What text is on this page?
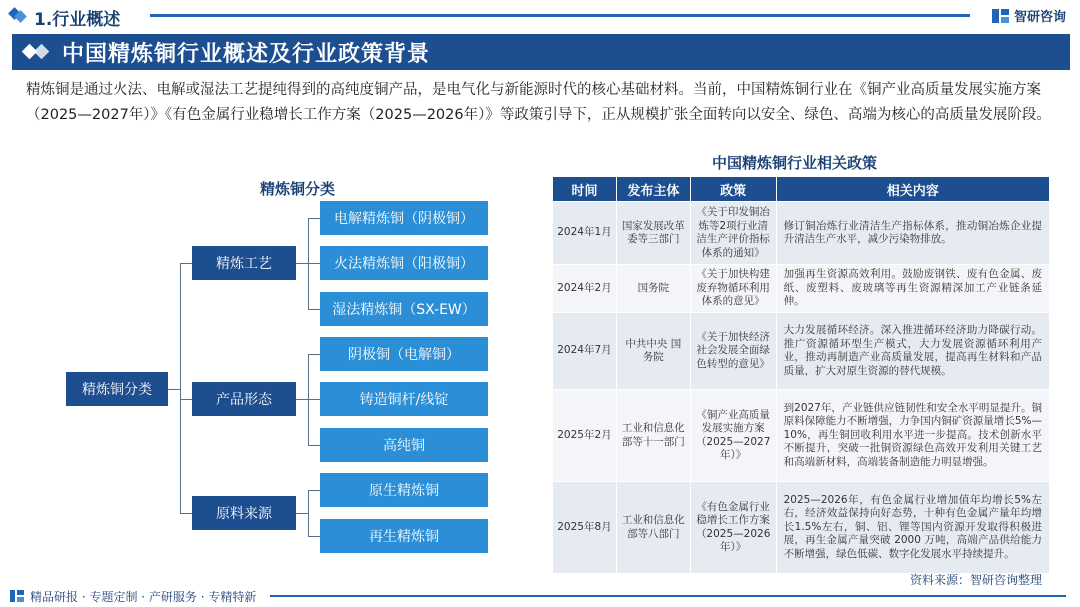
1.行业概述	智研咨询
中国精炼铜行业概述及行业政策背景

精炼铜是通过火法、电解或湿法工艺提纯得到的高纯度铜产品，是电气化与新能源时代的核心基础材料。当前，中国精炼铜行业在《铜产业高质量发展实施方案（2025—2027年）》《有色金属行业稳增长工作方案（2025—2026年）》等政策引导下，正从规模扩张全面转向以安全、绿色、高端为核心的高质量发展阶段。

精炼铜分类
精炼铜分类
精炼工艺
产品形态
原料来源
电解精炼铜（阴极铜）
火法精炼铜（阳极铜）
湿法精炼铜（SX-EW）
阴极铜（电解铜）
铸造铜杆/线锭
高纯铜
原生精炼铜
再生精炼铜
中国精炼铜行业相关政策
时间	发布主体	政策	相关内容
2024年1月	国家发展改革委等三部门	《关于印发铜冶炼等2项行业清洁生产评价指标体系的通知》	修订铜冶炼行业清洁生产指标体系，推动铜冶炼企业提升清洁生产水平，减少污染物排放。
2024年2月	国务院	《关于加快构建废弃物循环利用体系的意见》	加强再生资源高效利用。鼓励废钢铁、废有色金属、废纸、废塑料、废玻璃等再生资源精深加工产业链条延伸。
2024年7月	中共中央 国务院	《关于加快经济社会发展全面绿色转型的意见》	大力发展循环经济。深入推进循环经济助力降碳行动。推广资源循环型生产模式，大力发展资源循环利用产业，推动再制造产业高质量发展，提高再生材料和产品质量，扩大对原生资源的替代规模。
2025年2月	工业和信息化部等十一部门	《铜产业高质量发展实施方案（2025—2027年）》	到2027年，产业链供应链韧性和安全水平明显提升。铜原料保障能力不断增强，力争国内铜矿资源量增长5%—10%，再生铜回收利用水平进一步提高。技术创新水平不断提升，突破一批铜资源绿色高效开发利用关键工艺和高端新材料，高端装备制造能力明显增强。
2025年8月	工业和信息化部等八部门	《有色金属行业稳增长工作方案（2025—2026年）》	2025—2026年，有色金属行业增加值年均增长5%左右，经济效益保持向好态势，十种有色金属产量年均增长1.5%左右，铜、铝、锂等国内资源开发取得积极进展，再生金属产量突破 2000 万吨，高端产品供给能力不断增强，绿色低碳、数字化发展水平持续提升。
资料来源：智研咨询整理
精品研报 · 专题定制 · 产研服务 · 专精特新
